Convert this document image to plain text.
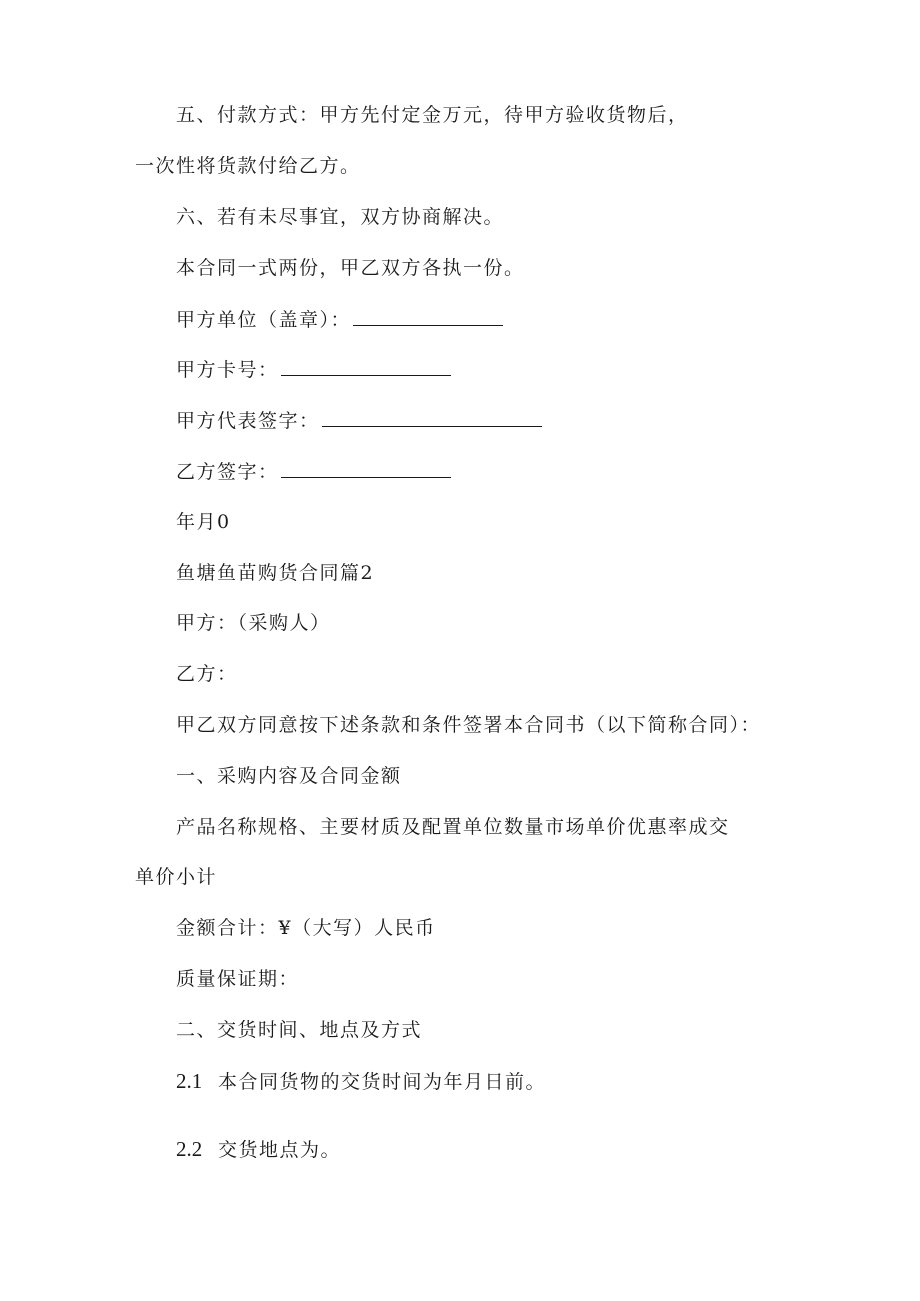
五、付款方式：甲方先付定金万元，待甲方验收货物后，
一次性将货款付给乙方。
六、若有未尽事宜，双方协商解决。
本合同一式两份，甲乙双方各执一份。
甲方单位（盖章）：
甲方卡号：
甲方代表签字：
乙方签字：
年月0
鱼塘鱼苗购货合同篇2
甲方：（采购人）
乙方：
甲乙双方同意按下述条款和条件签署本合同书（以下简称合同）：
一、采购内容及合同金额
产品名称规格、主要材质及配置单位数量市场单价优惠率成交
单价小计
金额合计：¥（大写）人民币
质量保证期：
二、交货时间、地点及方式
2.1 本合同货物的交货时间为年月日前。
2.2 交货地点为。
